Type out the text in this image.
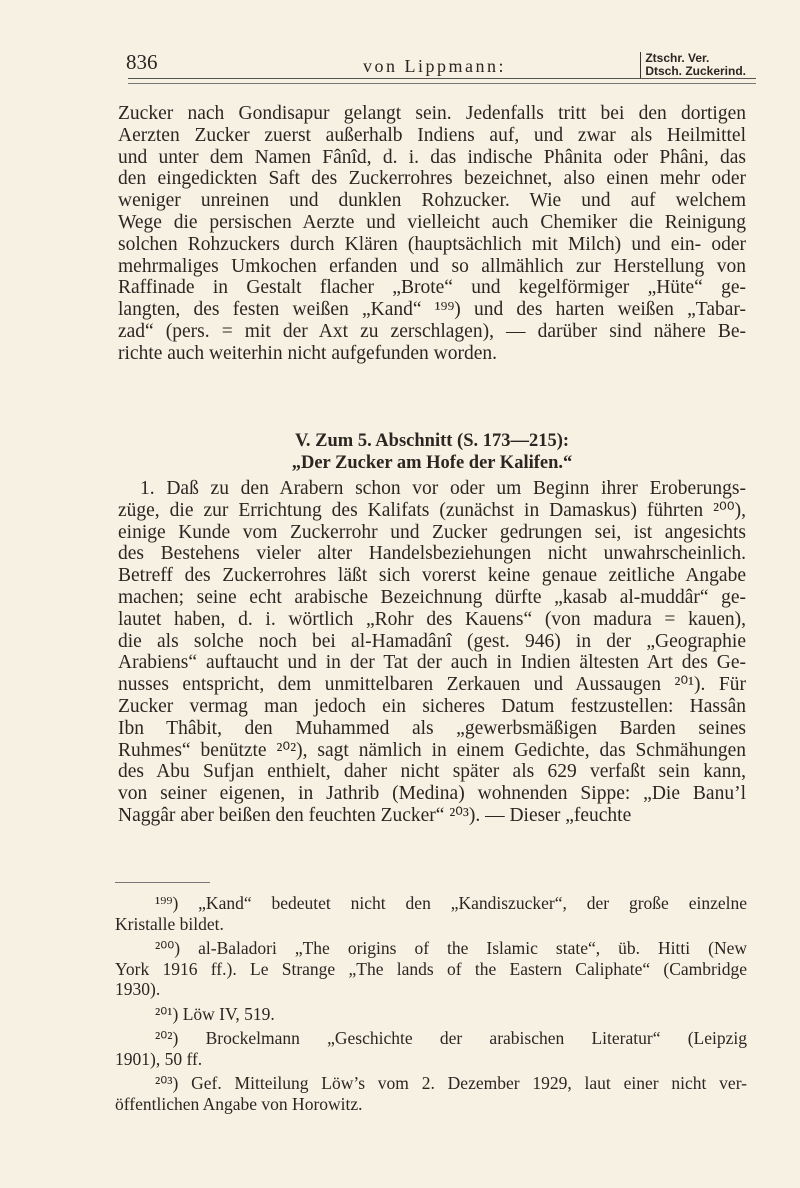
836	von Lippmann:	Ztschr. Ver.
Dtsch. Zuckerind.
Zucker nach Gondisapur gelangt sein. Jedenfalls tritt bei den dortigen
Aerzten Zucker zuerst außerhalb Indiens auf, und zwar als Heilmittel
und unter dem Namen Fânîd, d. i. das indische Phânita oder Phâni, das
den eingedickten Saft des Zuckerrohres bezeichnet, also einen mehr oder
weniger unreinen und dunklen Rohzucker. Wie und auf welchem
Wege die persischen Aerzte und vielleicht auch Chemiker die Reinigung
solchen Rohzuckers durch Klären (hauptsächlich mit Milch) und ein- oder
mehrmaliges Umkochen erfanden und so allmählich zur Herstellung von
Raffinade in Gestalt flacher „Brote“ und kegelförmiger „Hüte“ ge-
langten, des festen weißen „Kand“ ¹⁹⁹) und des harten weißen „Tabar-
zad“ (pers. = mit der Axt zu zerschlagen), — darüber sind nähere Be-
richte auch weiterhin nicht aufgefunden worden.
V. Zum 5. Abschnitt (S. 173—215):
„Der Zucker am Hofe der Kalifen.“
1. Daß zu den Arabern schon vor oder um Beginn ihrer Eroberungs-
züge, die zur Errichtung des Kalifats (zunächst in Damaskus) führten ²⁰⁰),
einige Kunde vom Zuckerrohr und Zucker gedrungen sei, ist angesichts
des Bestehens vieler alter Handelsbeziehungen nicht unwahrscheinlich.
Betreff des Zuckerrohres läßt sich vorerst keine genaue zeitliche Angabe
machen; seine echt arabische Bezeichnung dürfte „kasab al-muddâr“ ge-
lautet haben, d. i. wörtlich „Rohr des Kauens“ (von madura = kauen),
die als solche noch bei al-Hamadânî (gest. 946) in der „Geographie
Arabiens“ auftaucht und in der Tat der auch in Indien ältesten Art des Ge-
nusses entspricht, dem unmittelbaren Zerkauen und Aussaugen ²⁰¹). Für
Zucker vermag man jedoch ein sicheres Datum festzustellen: Hassân
Ibn Thâbit, den Muhammed als „gewerbsmäßigen Barden seines
Ruhmes“ benützte ²⁰²), sagt nämlich in einem Gedichte, das Schmähungen
des Abu Sufjan enthielt, daher nicht später als 629 verfaßt sein kann,
von seiner eigenen, in Jathrib (Medina) wohnenden Sippe: „Die Banu’l
Naggâr aber beißen den feuchten Zucker“ ²⁰³). — Dieser „feuchte
¹⁹⁹) „Kand“ bedeutet nicht den „Kandiszucker“, der große einzelne
Kristalle bildet.
²⁰⁰) al-Baladori „The origins of the Islamic state“, üb. Hitti (New
York 1916 ff.). Le Strange „The lands of the Eastern Caliphate“ (Cambridge
1930).
²⁰¹) Löw IV, 519.
²⁰²) Brockelmann „Geschichte der arabischen Literatur“ (Leipzig
1901), 50 ff.
²⁰³) Gef. Mitteilung Löw’s vom 2. Dezember 1929, laut einer nicht ver-
öffentlichen Angabe von Horowitz.
